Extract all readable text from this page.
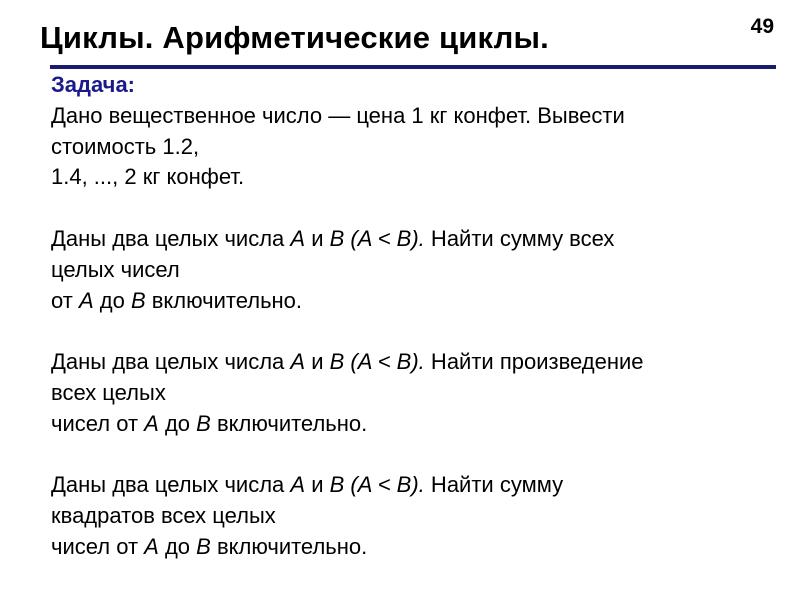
Циклы. Арифметические циклы.	49
Задача:
Дано вещественное число — цена 1 кг конфет. Вывести
стоимость 1.2,
1.4, ..., 2 кг конфет.
Даны два целых числа A и B (A < B). Найти сумму всех
целых чисел
от A до B включительно.
Даны два целых числа A и B (A < B). Найти произведение
всех целых
чисел от A до B включительно.
Даны два целых числа A и B (A < B). Найти сумму
квадратов всех целых
чисел от A до B включительно.
